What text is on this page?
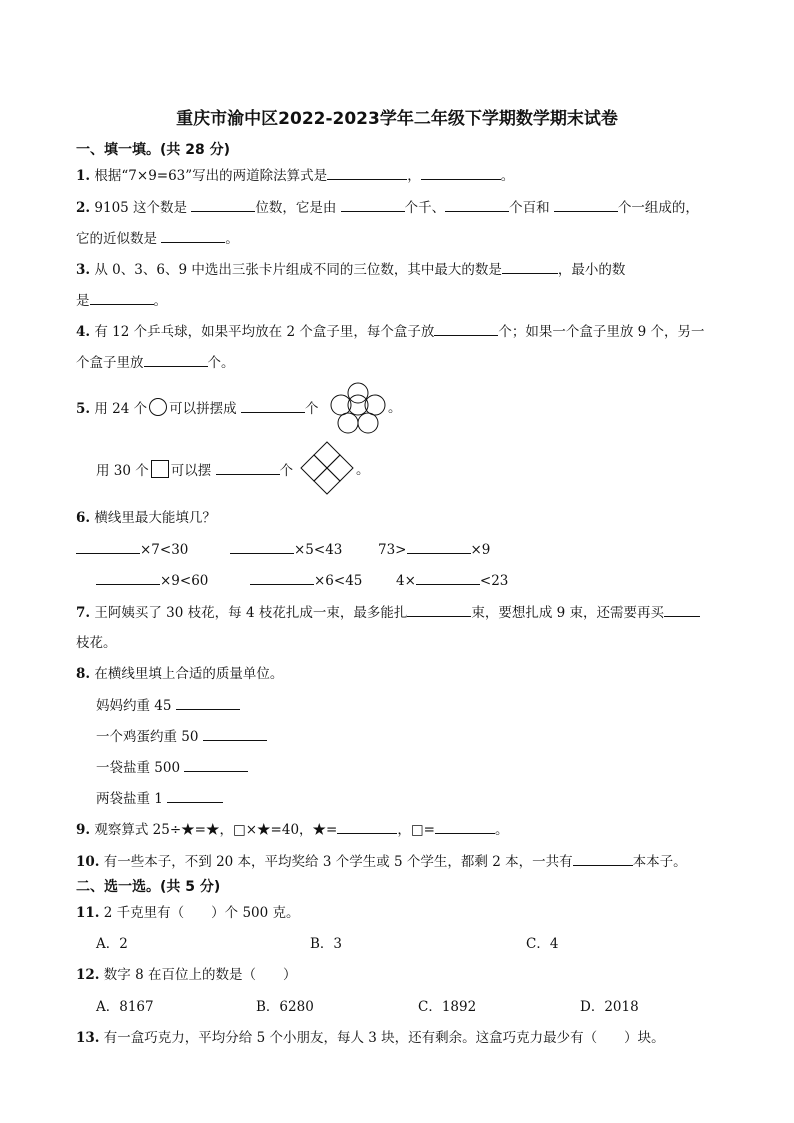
重庆市渝中区2022-2023学年二年级下学期数学期末试卷
一、填一填。(共 28 分)
1. 根据“7×9=63”写出的两道除法算式是	，	。
2. 9105 这个数是	位数，它是由	个千、	个百和	个一组成的，
它的近似数是	。
3. 从 0、3、6、9 中选出三张卡片组成不同的三位数，其中最大的数是	，最小的数
是	。
4. 有 12 个乒乓球，如果平均放在 2 个盒子里，每个盒子放	个；如果一个盒子里放 9 个，另一
个盒子里放	个。
5. 用 24 个 可以拼摆成	个	。
用 30 个 可以摆	个	。
6. 横线里最大能填几？
×7<30	×5<43	73>	×9
×9<60	×6<45 4×	<23
7. 王阿姨买了 30 枝花，每 4 枝花扎成一束，最多能扎	束，要想扎成 9 束，还需要再买
枝花。
8. 在横线里填上合适的质量单位。
妈妈约重 45
一个鸡蛋约重 50
一袋盐重 500
两袋盐重 1
9. 观察算式 25÷★=★，□×★=40，★=	，□=	。
10. 有一些本子，不到 20 本，平均奖给 3 个学生或 5 个学生，都剩 2 本，一共有	本本子。
二、选一选。(共 5 分)
11. 2 千克里有（　　）个 500 克。
A．2	B．3	C．4
12. 数字 8 在百位上的数是（　　）
A．8167	B．6280	C．1892	D．2018
13. 有一盒巧克力，平均分给 5 个小朋友，每人 3 块，还有剩余。这盒巧克力最少有（　　）块。
